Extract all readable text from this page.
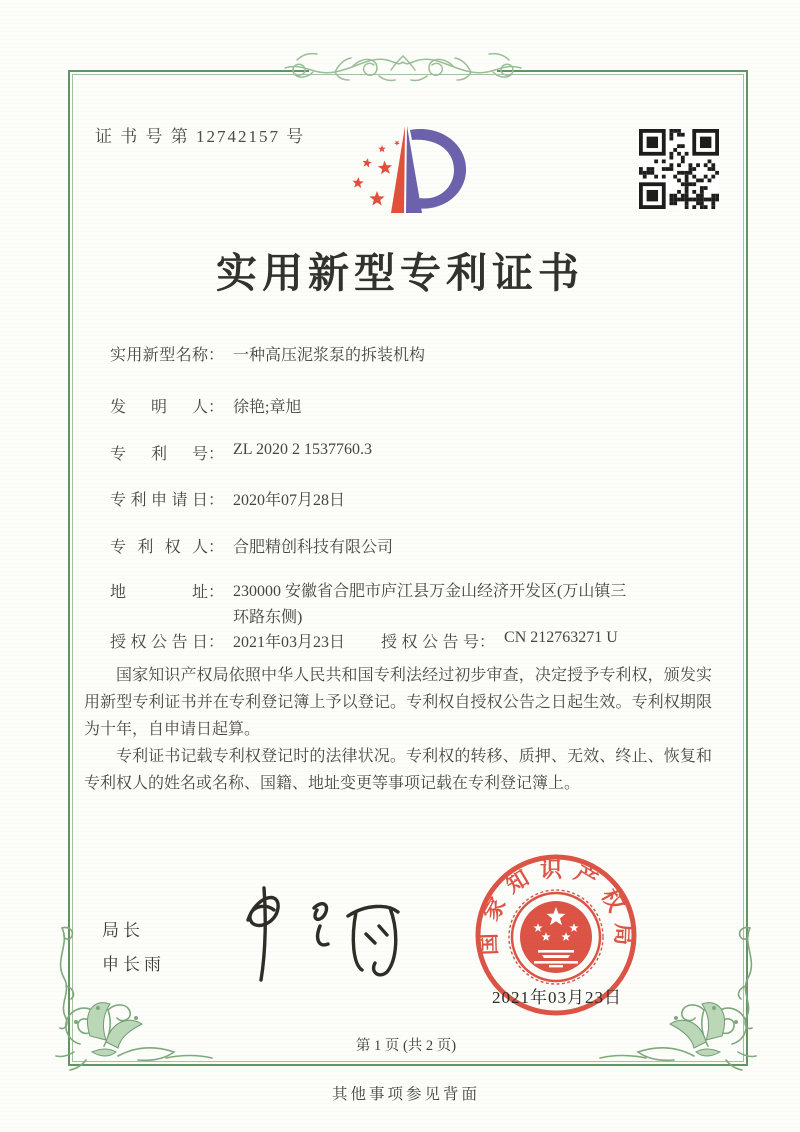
证 书 号 第 12742157 号
实用新型专利证书
实用新型名称 ： 一种高压泥浆泵的拆装机构
发明人 ： 徐艳;章旭
专利号 ： ZL 2020 2 1537760.3
专利申请日 ： 2020年07月28日
专利权人 ： 合肥精创科技有限公司
地址 ： 230000 安徽省合肥市庐江县万金山经济开发区(万山镇三环路东侧)
授权公告日 ： 2021年03月23日 授权公告号 ： CN 212763271 U

国家知识产权局依照中华人民共和国专利法经过初步审查，决定授予专利权，颁发实用新型专利证书并在专利登记簿上予以登记。专利权自授权公告之日起生效。专利权期限为十年，自申请日起算。

专利证书记载专利权登记时的法律状况。专利权的转移、质押、无效、终止、恢复和专利权人的姓名或名称、国籍、地址变更等事项记载在专利登记簿上。

局长
申长雨
国家知识产权局
2021年03月23日
第 1 页 (共 2 页)
其他事项参见背面
